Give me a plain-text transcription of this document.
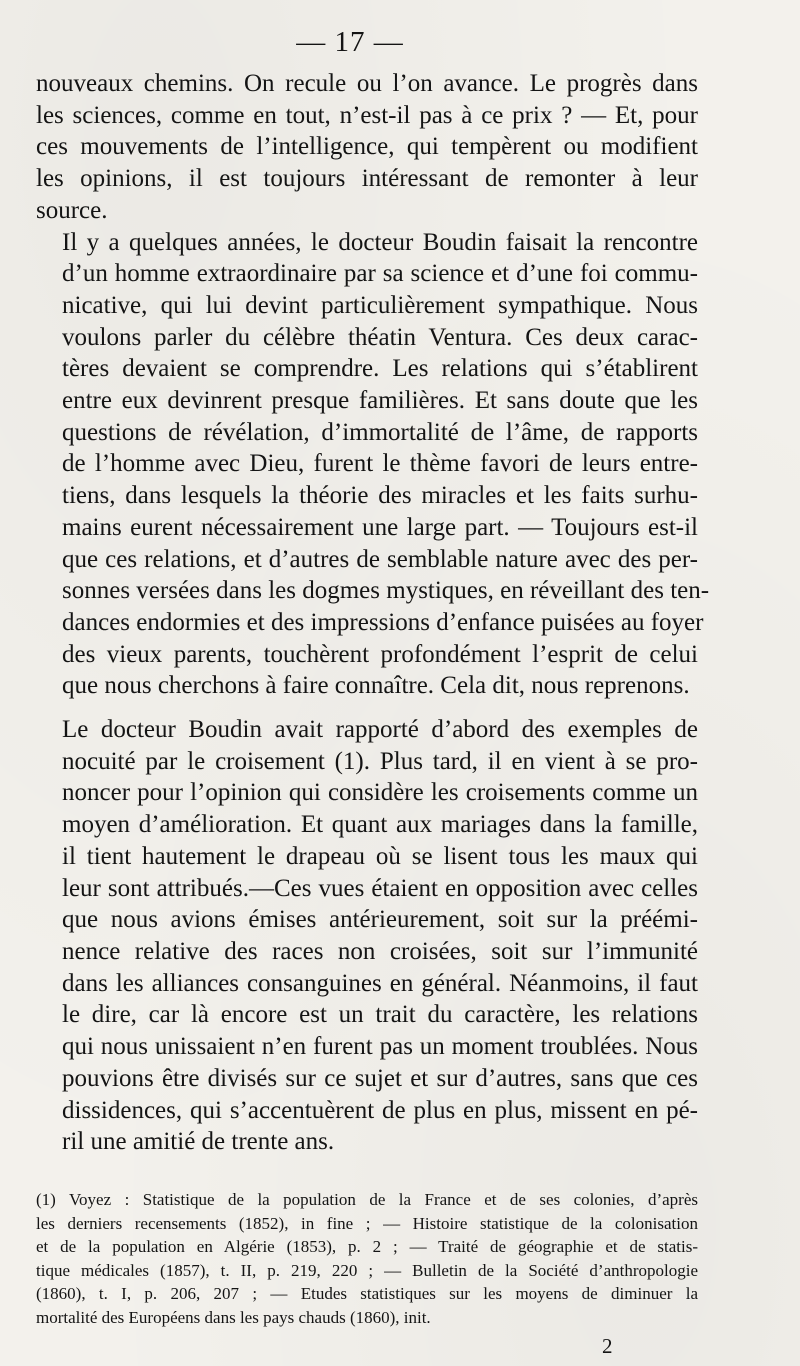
— 17 —

nouveaux chemins. On recule ou l’on avance. Le progrès dans
les sciences, comme en tout, n’est-il pas à ce prix ? — Et, pour
ces mouvements de l’intelligence, qui tempèrent ou modifient
les opinions, il est toujours intéressant de remonter à leur
source.

Il y a quelques années, le docteur Boudin faisait la rencontre
d’un homme extraordinaire par sa science et d’une foi commu-
nicative, qui lui devint particulièrement sympathique. Nous
voulons parler du célèbre théatin Ventura. Ces deux carac-
tères devaient se comprendre. Les relations qui s’établirent
entre eux devinrent presque familières. Et sans doute que les
questions de révélation, d’immortalité de l’âme, de rapports
de l’homme avec Dieu, furent le thème favori de leurs entre-
tiens, dans lesquels la théorie des miracles et les faits surhu-
mains eurent nécessairement une large part. — Toujours est-il
que ces relations, et d’autres de semblable nature avec des per-
sonnes versées dans les dogmes mystiques, en réveillant des ten-
dances endormies et des impressions d’enfance puisées au foyer
des vieux parents, touchèrent profondément l’esprit de celui
que nous cherchons à faire connaître. Cela dit, nous reprenons.

Le docteur Boudin avait rapporté d’abord des exemples de
nocuité par le croisement (1). Plus tard, il en vient à se pro-
noncer pour l’opinion qui considère les croisements comme un
moyen d’amélioration. Et quant aux mariages dans la famille,
il tient hautement le drapeau où se lisent tous les maux qui
leur sont attribués.—Ces vues étaient en opposition avec celles
que nous avions émises antérieurement, soit sur la préémi-
nence relative des races non croisées, soit sur l’immunité
dans les alliances consanguines en général. Néanmoins, il faut
le dire, car là encore est un trait du caractère, les relations
qui nous unissaient n’en furent pas un moment troublées. Nous
pouvions être divisés sur ce sujet et sur d’autres, sans que ces
dissidences, qui s’accentuèrent de plus en plus, missent en pé-
ril une amitié de trente ans.

(1) Voyez : Statistique de la population de la France et de ses colonies, d’après
les derniers recensements (1852), in fine ; — Histoire statistique de la colonisation
et de la population en Algérie (1853), p. 2 ; — Traité de géographie et de statis-
tique médicales (1857), t. II, p. 219, 220 ; — Bulletin de la Société d’anthropologie
(1860), t. I, p. 206, 207 ; — Etudes statistiques sur les moyens de diminuer la
mortalité des Européens dans les pays chauds (1860), init.
2
